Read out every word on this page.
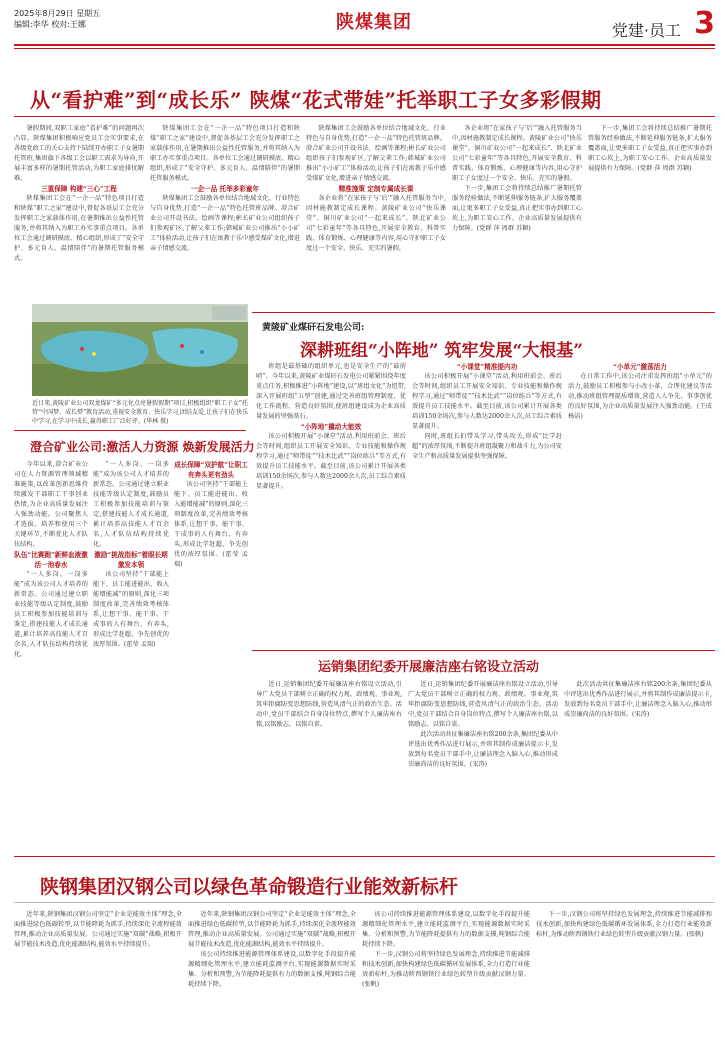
2025年8月29日 星期五
编辑:李华 校对:王娜	陕煤集团	党建·员工 3
从“看护难”到“成长乐” 陕煤“花式带娃”托举职工子女多彩假期

暑假期间,双职工家庭“看护难”的问题再次凸显。陕煤集团积极响应党员工会实事要求,在各级党政工的关心支持下陆续开办职工子女暑期托管班,集团旗下各级工会以职工需求为导向,开展丰富多样的暑期托管活动,为职工家庭排忧解难。

三重保障 构建“三心”工程

陕煤集团工会在“一企一品”特色项目打造和陕煤“职工之家”建设中,督促各基层工会充分发挥职工之家载体作用,在暑期推出公益性托管服务,并将其纳入为职工办实事重点项目。各单位工会通过调研摸底、精心组织,形成了“安全守护、多元育人、温情陪伴”的暑期托管服务模式。

陕煤集团工会在“一企一品”特色项目打造和陕煤“职工之家”建设中,督促各基层工会充分发挥职工之家载体作用,在暑期推出公益性托管服务,并将其纳入为职工办实事重点项目。各单位工会通过调研摸底、精心组织,形成了“安全守护、多元育人、温情陪伴”的暑期托管服务模式。

一企一品 托举多彩童年

陕煤集团工会鼓励各单位结合地域文化、行业特色与自身优势,打造“一企一品”特色托管班品牌。澄合矿业公司开设书法、绘画等课程;彬长矿业公司组织孩子们参观矿区,了解父辈工作;韩城矿业公司推出“小小矿工”体验活动,让孩子们在寓教于乐中感受煤矿文化,增进亲子情感交流。

陕煤集团工会鼓励各单位结合地域文化、行业特色与自身优势,打造“一企一品”特色托管班品牌。澄合矿业公司开设书法、绘画等课程;彬长矿业公司组织孩子们参观矿区,了解父辈工作;韩城矿业公司推出“小小矿工”体验活动,让孩子们在寓教于乐中感受煤矿文化,增进亲子情感交流。

精准施策 定制专属成长课

各企业将“在家孩子与‘后’”融入托管服务当中,因材施教制定成长课程。黄陵矿业公司“快乐课堂”、铜川矿业公司“一起来成长”、陕北矿业公司“七彩童年”等各具特色,开展安全教育、科普实践、体育锻炼、心理健康等内容,用心守护职工子女度过一个安全、快乐、充实的暑假。

各企业将“在家孩子与‘后’”融入托管服务当中,因材施教制定成长课程。黄陵矿业公司“快乐课堂”、铜川矿业公司“一起来成长”、陕北矿业公司“七彩童年”等各具特色,开展安全教育、科普实践、体育锻炼、心理健康等内容,用心守护职工子女度过一个安全、快乐、充实的暑假。

下一步,集团工会将持续总结推广暑期托管服务经验做法,不断延伸服务链条,扩大服务覆盖面,让更多职工子女受益,真正把实事办到职工心坎上,为职工安心工作、企业高质量发展提供有力保障。(党群 萍 周群 苏颖)

下一步,集团工会将持续总结推广暑期托管服务经验做法,不断延伸服务链条,扩大服务覆盖面,让更多职工子女受益,真正把实事办到职工心坎上,为职工安心工作、企业高质量发展提供有力保障。(党群 萍 周群 苏颖)

近日来,黄陵矿业公司双龙煤矿“多元化点亮暑假假期”项目,积极组织“职工子女”托管“中国梦、成长梦”教育活动,重视安全教育、快乐学习,团结友爱,让孩子们在快乐中学习,在学习中成长,赢得职工广泛好评。(华林 摄)
黄陵矿业煤矸石发电公司:
深耕班组“小阵地” 筑牢发展“大根基”

班组是最基础的组织单元,也是安全生产的“最前哨”。今年以来,黄陵矿业煤矸石发电公司紧紧围绕年度重点任务,积极推进“小阵地”建设,以“班组文化”为纽带,深入开展班组“五型”创建,通过完善班组管理制度、优化工作流程、营造良好氛围,使班组建设成为企业高质量发展的坚强基石。

“小阵地”撬动大能效

该公司积极开展“小课堂”活动,利用班前会、班后会等时间,组织员工开展安全知识、专业技能和操作规程学习,通过“师带徒”“技术比武”“岗位练兵”等方式,有效提升员工技能水平。截至目前,该公司累计开展各类培训150余场次,参与人数达2000余人次,员工综合素质显著提升。

“小课堂”精准提内功

该公司积极开展“小课堂”活动,利用班前会、班后会等时间,组织员工开展安全知识、专业技能和操作规程学习,通过“师带徒”“技术比武”“岗位练兵”等方式,有效提升员工技能水平。截至目前,该公司累计开展各类培训150余场次,参与人数达2000余人次,员工综合素质显著提升。

同时,班组长们带头学习,带头攻关,形成“比学赶超”的浓厚氛围,不断提升班组凝聚力和战斗力,为公司安全生产和高质量发展提供坚强保障。

“小单元”激荡活力

在日常工作中,该公司注重发挥班组“小单元”的活力,鼓励员工积极参与小改小革、合理化建议等活动,推动班组管理提质增效,营造人人争先、事事创优的良好氛围,为企业高质量发展注入强劲动能。(王成 杨洁)

澄合矿业公司:激活人力资源 焕新发展活力

今年以来,澄合矿业公司在人力资源管理领域精准施策,以改革创新思维持续激发干部职工干事创业热情,为企业高质量发展注入强劲动能。公司聚焦人才选拔、培养和使用三个关键环节,不断优化人才队伍结构。

队伍“比赛跑”新鲜血液激活一池春水

“一人多岗、一岗多能”成为该公司人才培养的新常态。公司通过建立职业技能等级认定制度,鼓励员工积极参加技能培训与鉴定,搭建技能人才成长通道,累计培养高技能人才百余名,人才队伍结构持续优化。

“一人多岗、一岗多能”成为该公司人才培养的新常态。公司通过建立职业技能等级认定制度,鼓励员工积极参加技能培训与鉴定,搭建技能人才成长通道,累计培养高技能人才百余名,人才队伍结构持续优化。

激励“挑战指标”着眼长期激发本领

该公司坚持“干部能上能下、员工能进能出、收入能增能减”的原则,深化三项制度改革,完善绩效考核体系,让想干事、能干事、干成事的人有舞台、有奔头,形成比学赶超、争先创优的浓厚氛围。(霍莹 孟瑞)

成长保障“双护航”让职工有奔头更有劲头

该公司坚持“干部能上能下、员工能进能出、收入能增能减”的原则,深化三项制度改革,完善绩效考核体系,让想干事、能干事、干成事的人有舞台、有奔头,形成比学赶超、争先创优的浓厚氛围。(霍莹 孟瑞)

运销集团纪委开展廉洁座右铭设立活动

近日,运销集团纪委开展廉洁座右铭设立活动,引导广大党员干部树立正确的权力观、政绩观、事业观,筑牢拒腐防变思想防线,营造风清气正的政治生态。活动中,党员干部结合自身岗位特点,撰写个人廉洁座右铭,以铭励志、以铭自省。

近日,运销集团纪委开展廉洁座右铭设立活动,引导广大党员干部树立正确的权力观、政绩观、事业观,筑牢拒腐防变思想防线,营造风清气正的政治生态。活动中,党员干部结合自身岗位特点,撰写个人廉洁座右铭,以铭励志、以铭自省。

此次活动共征集廉洁座右铭200余条,集团纪委从中评选出优秀作品进行展示,并将其制作成廉洁提示卡,发放到每名党员干部手中,让廉洁理念入脑入心,推动形成崇廉尚洁的良好氛围。(宋涛)

此次活动共征集廉洁座右铭200余条,集团纪委从中评选出优秀作品进行展示,并将其制作成廉洁提示卡,发放到每名党员干部手中,让廉洁理念入脑入心,推动形成崇廉尚洁的良好氛围。(宋涛)

陕钢集团汉钢公司以绿色革命锻造行业能效新标杆

近年来,陕钢集团汉钢公司坚定“企业是能效主体”理念,全面推进绿色低碳转型,以节能降耗为抓手,持续深化全流程能效管理,推动企业高质量发展。公司通过实施“双碳”战略,积极开展节能技术改造,优化能源结构,能效水平持续提升。

近年来,陕钢集团汉钢公司坚定“企业是能效主体”理念,全面推进绿色低碳转型,以节能降耗为抓手,持续深化全流程能效管理,推动企业高质量发展。公司通过实施“双碳”战略,积极开展节能技术改造,优化能源结构,能效水平持续提升。

该公司持续推进能源管理体系建设,以数字化手段提升能源精细化管理水平,建立能耗监测平台,实现能源数据实时采集、分析和预警,为节能降耗提供有力的数据支撑,吨钢综合能耗持续下降。

该公司持续推进能源管理体系建设,以数字化手段提升能源精细化管理水平,建立能耗监测平台,实现能源数据实时采集、分析和预警,为节能降耗提供有力的数据支撑,吨钢综合能耗持续下降。

下一步,汉钢公司将坚持绿色发展理念,持续推进节能减排和技术创新,加快构建绿色低碳循环发展体系,全力打造行业能效新标杆,为推动陕西钢铁行业绿色转型升级贡献汉钢力量。(张帆)

下一步,汉钢公司将坚持绿色发展理念,持续推进节能减排和技术创新,加快构建绿色低碳循环发展体系,全力打造行业能效新标杆,为推动陕西钢铁行业绿色转型升级贡献汉钢力量。(张帆)
